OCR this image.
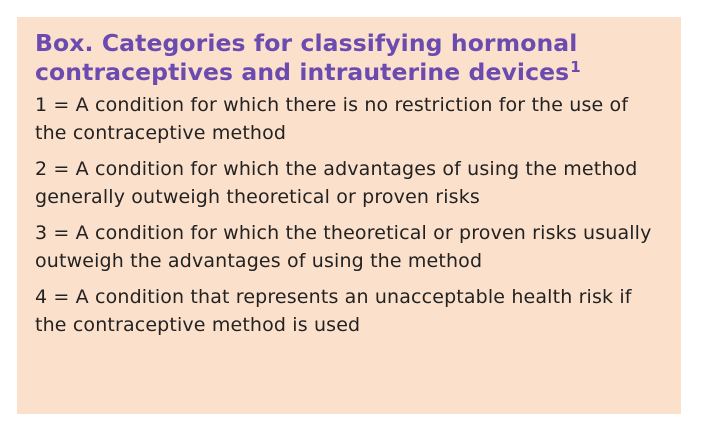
Box. Categories for classifying hormonal contraceptives and intrauterine devices$^1$

1 = A condition for which there is no restriction for the use of the contraceptive method

2 = A condition for which the advantages of using the method generally outweigh theoretical or proven risks

3 = A condition for which the theoretical or proven risks usually outweigh the advantages of using the method

4 = A condition that represents an unacceptable health risk if the contraceptive method is used
